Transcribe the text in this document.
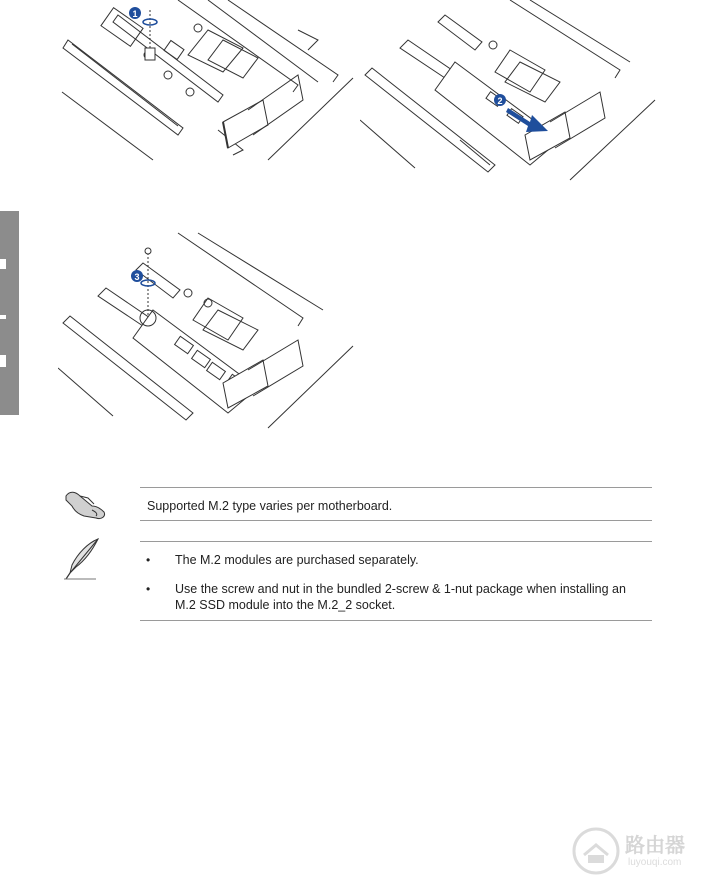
1
2
3
Supported M.2 type varies per motherboard.
• The M.2 modules are purchased separately.
• Use the screw and nut in the bundled 2-screw & 1-nut package when installing an M.2 SSD module into the M.2_2 socket.
路由器
luyouqi.com
